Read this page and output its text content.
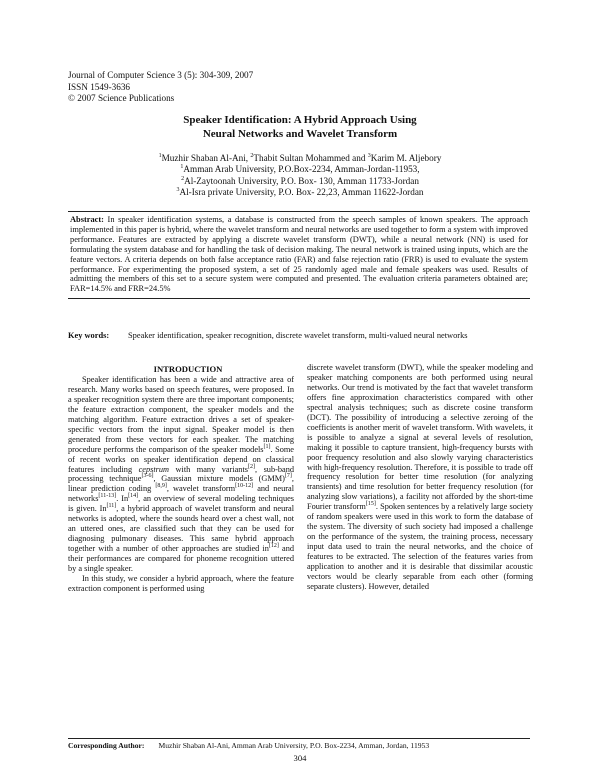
Journal of Computer Science 3 (5): 304-309, 2007
ISSN 1549-3636
© 2007 Science Publications
Speaker Identification: A Hybrid Approach Using
Neural Networks and Wavelet Transform
$^1$Muzhir Shaban Al-Ani, $^2$Thabit Sultan Mohammed and $^3$Karim M. Aljebory
$^1$Amman Arab University, P.O.Box-2234, Amman-Jordan-11953,
$^2$Al-Zaytoonah University, P.O. Box- 130, Amman 11733-Jordan
$^3$Al-Isra private University, P.O. Box- 22,23, Amman 11622-Jordan
Abstract: In speaker identification systems, a database is constructed from the speech samples of known speakers. The approach implemented in this paper is hybrid, where the wavelet transform and neural networks are used together to form a system with improved performance. Features are extracted by applying a discrete wavelet transform (DWT), while a neural network (NN) is used for formulating the system database and for handling the task of decision making. The neural network is trained using inputs, which are the feature vectors. A criteria depends on both false acceptance ratio (FAR) and false rejection ratio (FRR) is used to evaluate the system performance. For experimenting the proposed system, a set of 25 randomly aged male and female speakers was used. Results of admitting the members of this set to a secure system were computed and presented. The evaluation criteria parameters obtained are; FAR=14.5% and FRR=24.5%
Key words:	Speaker identification, speaker recognition, discrete wavelet transform, multi-valued neural networks

INTRODUCTION

Speaker identification has been a wide and attractive area of research. Many works based on speech features, were proposed. In a speaker recognition system there are three important components; the feature extraction component, the speaker models and the matching algorithm. Feature extraction drives a set of speaker-specific vectors from the input signal. Speaker model is then generated from these vectors for each speaker. The matching procedure performs the comparison of the speaker models[1]. Some of recent works on speaker identification depend on classical features including cepstrum with many variants[2], sub-band processing technique[3-6], Gaussian mixture models (GMM)[7], linear prediction coding [8,9], wavelet transform[10-12] and neural networks[11-13]. In[14], an overview of several modeling techniques is given. In[11], a hybrid approach of wavelet transform and neural networks is adopted, where the sounds heard over a chest wall, not an uttered ones, are classified such that they can be used for diagnosing pulmonary diseases. This same hybrid approach together with a number of other approaches are studied in[12] and their performances are compared for phoneme recognition uttered by a single speaker.

In this study, we consider a hybrid approach, where the feature extraction component is performed using

discrete wavelet transform (DWT), while the speaker modeling and speaker matching components are both performed using neural networks. Our trend is motivated by the fact that wavelet transform offers fine approximation characteristics compared with other spectral analysis techniques; such as discrete cosine transform (DCT). The possibility of introducing a selective zeroing of the coefficients is another merit of wavelet transform. With wavelets, it is possible to analyze a signal at several levels of resolution, making it possible to capture transient, high-frequency bursts with poor frequency resolution and also slowly varying characteristics with high-frequency resolution. Therefore, it is possible to trade off frequency resolution for better time resolution (for analyzing transients) and time resolution for better frequency resolution (for analyzing slow variations), a facility not afforded by the short-time Fourier transform[15]. Spoken sentences by a relatively large society of random speakers were used in this work to form the database of the system. The diversity of such society had imposed a challenge on the performance of the system, the training process, necessary input data used to train the neural networks, and the choice of features to be extracted. The selection of the features varies from application to another and it is desirable that dissimilar acoustic vectors would be clearly separable from each other (forming separate clusters). However, detailed

Corresponding Author: Muzhir Shaban Al-Ani, Amman Arab University, P.O. Box-2234, Amman, Jordan, 11953
304
